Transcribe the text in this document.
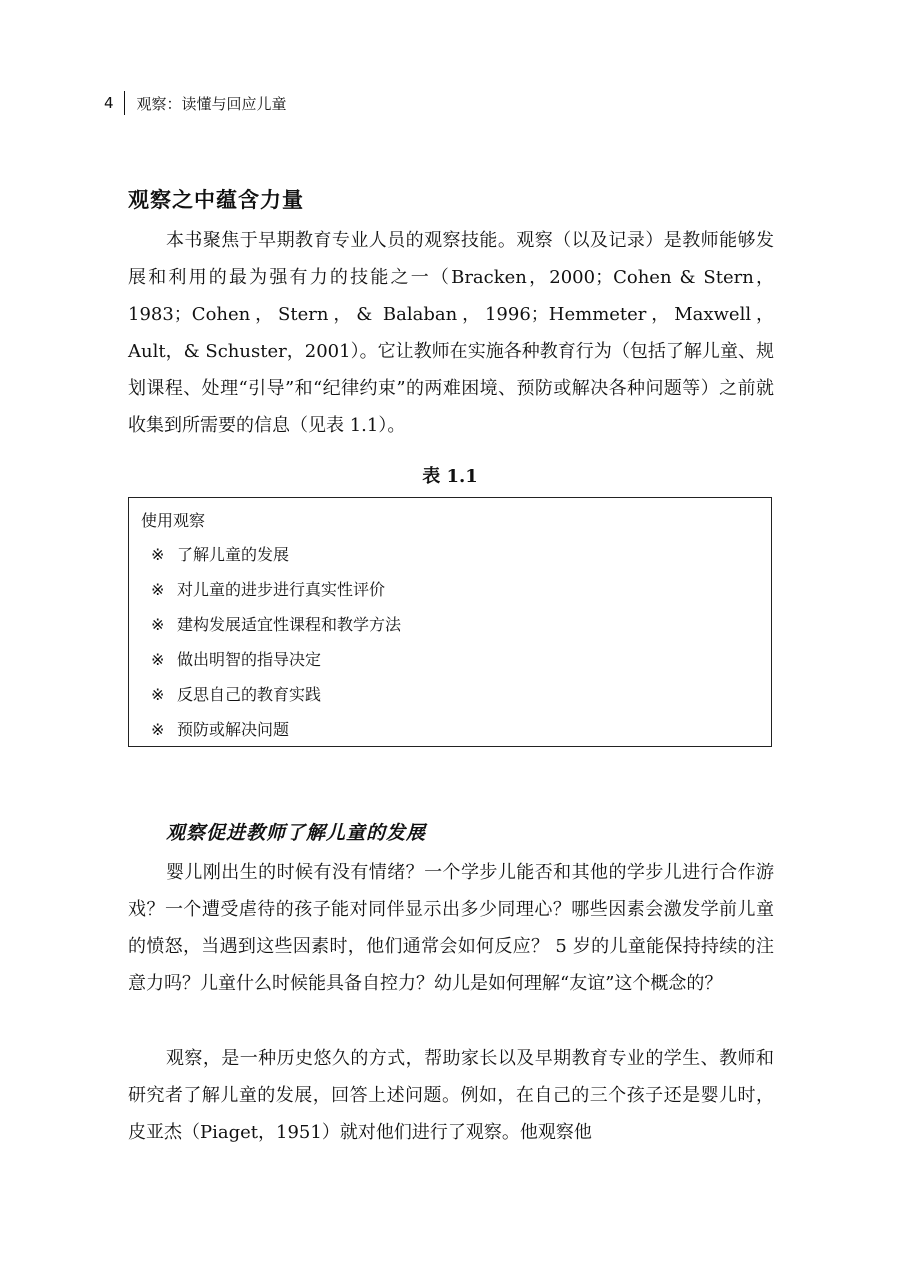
4	观察：读懂与回应儿童
观察之中蕴含力量

本书聚焦于早期教育专业人员的观察技能。观察（以及记录）是教师能够发展和利用的最为强有力的技能之一（Bracken，2000；Cohen & Stern，1983；Cohen，Stern，& Balaban，1996；Hemmeter，Maxwell，Ault，& Schuster，2001）。它让教师在实施各种教育行为（包括了解儿童、规划课程、处理“引导”和“纪律约束”的两难困境、预防或解决各种问题等）之前就收集到所需要的信息（见表 1.1）。

表 1.1
使用观察
※ 了解儿童的发展
※ 对儿童的进步进行真实性评价
※ 建构发展适宜性课程和教学方法
※ 做出明智的指导决定
※ 反思自己的教育实践
※ 预防或解决问题
观察促进教师了解儿童的发展

婴儿刚出生的时候有没有情绪？一个学步儿能否和其他的学步儿进行合作游戏？一个遭受虐待的孩子能对同伴显示出多少同理心？哪些因素会激发学前儿童的愤怒，当遇到这些因素时，他们通常会如何反应？ 5 岁的儿童能保持持续的注意力吗？儿童什么时候能具备自控力？幼儿是如何理解“友谊”这个概念的？

观察，是一种历史悠久的方式，帮助家长以及早期教育专业的学生、教师和研究者了解儿童的发展，回答上述问题。例如，在自己的三个孩子还是婴儿时，皮亚杰（Piaget，1951）就对他们进行了观察。他观察他
